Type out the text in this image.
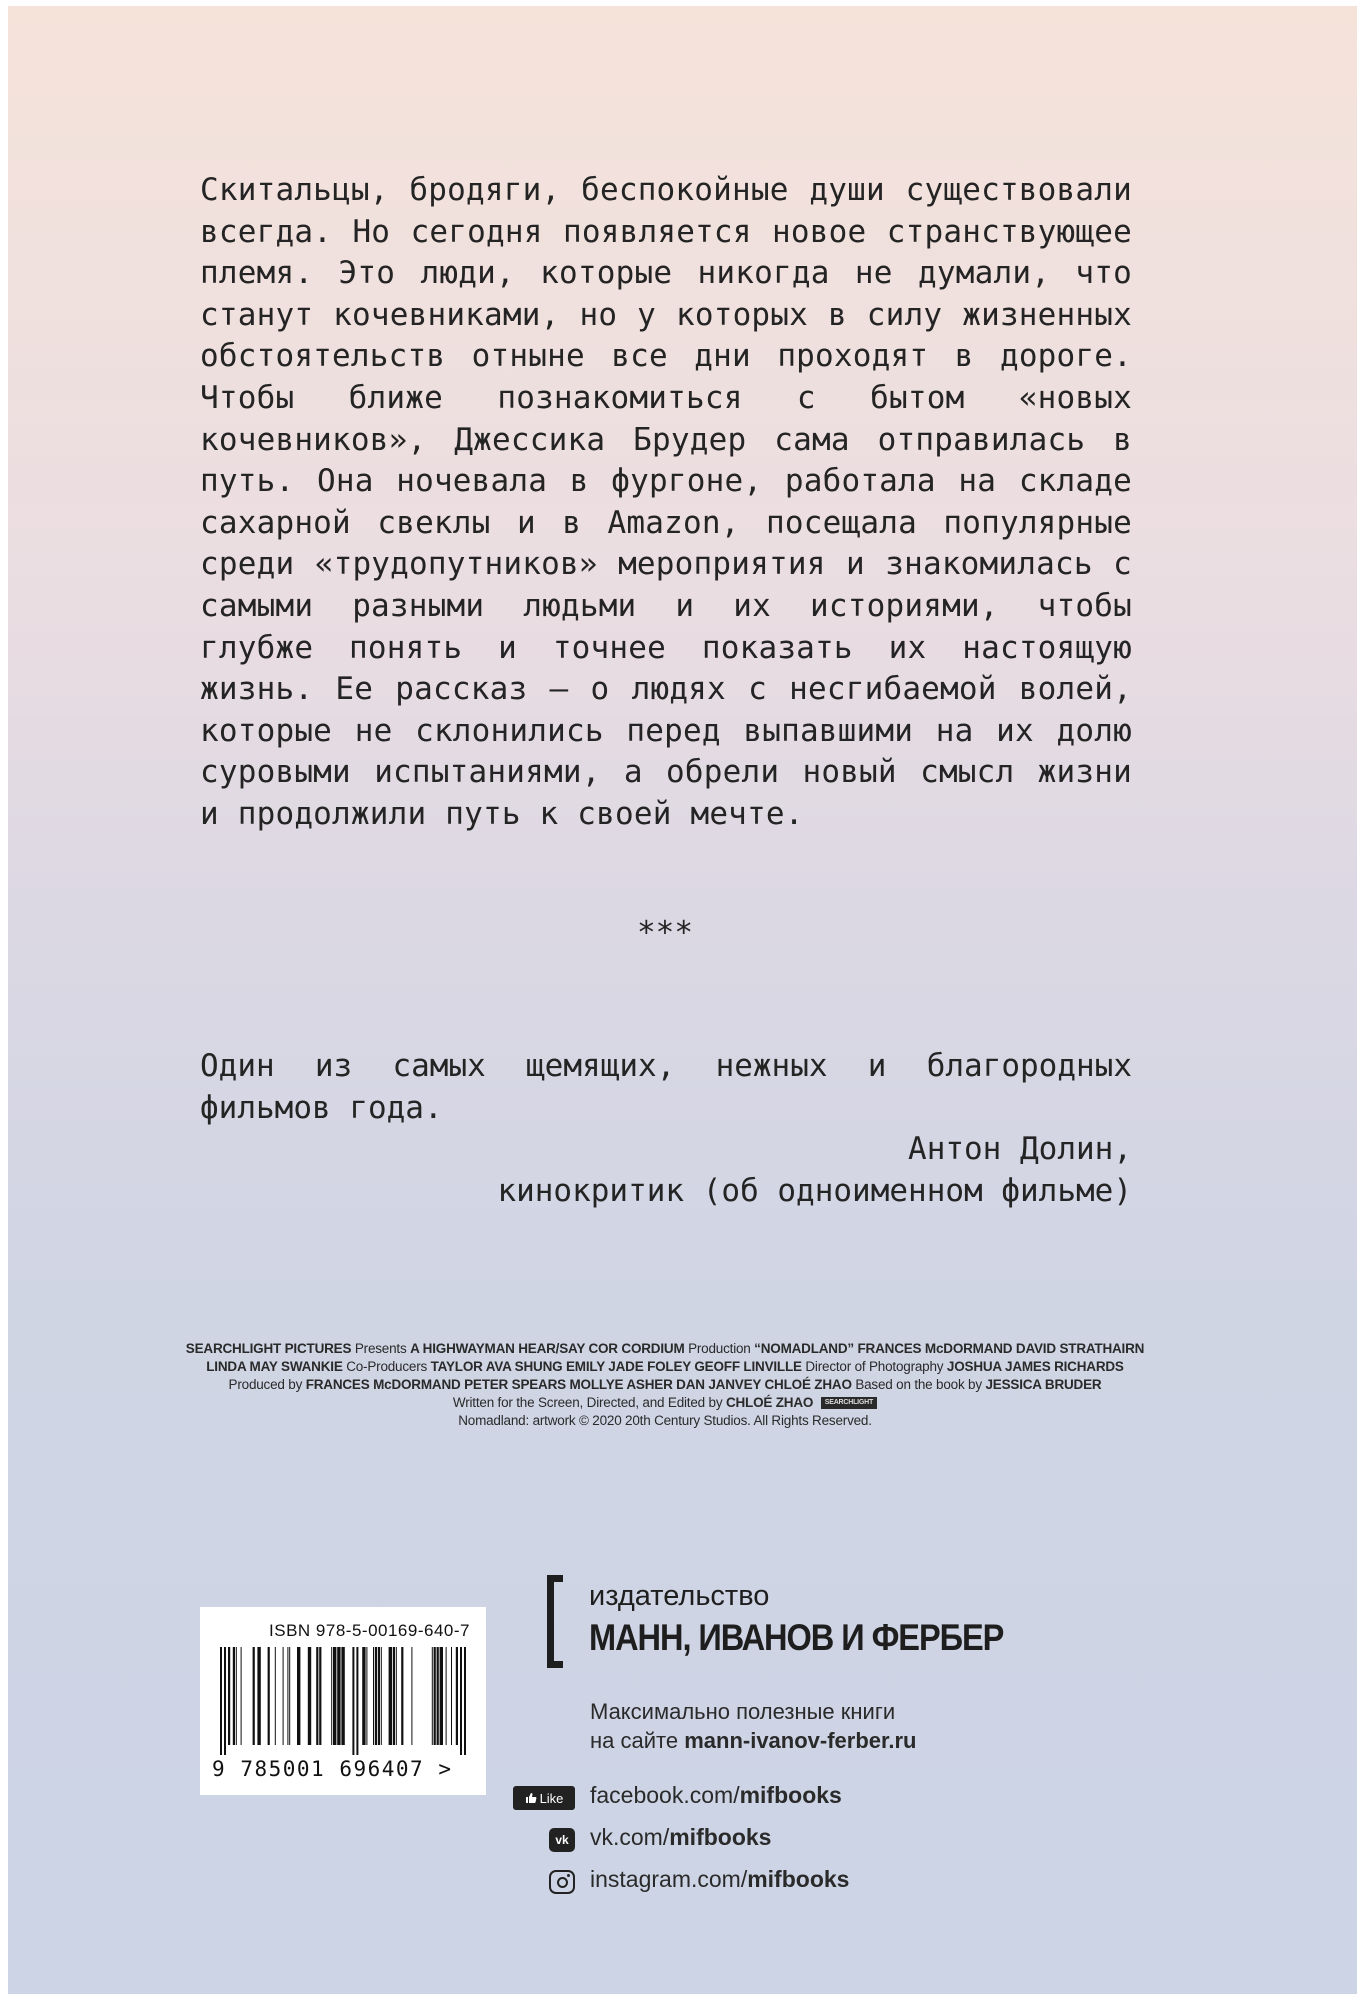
Скитальцы, бродяги, беспокойные души существовали всегда. Но сегодня появляется новое странствующее племя. Это люди, которые никогда не думали, что станут кочевниками, но у которых в силу жизненных обстоятельств отныне все дни проходят в дороге. Чтобы ближе познакомиться с бытом «новых кочевников», Джессика Брудер сама отправилась в путь. Она ночевала в фургоне, работала на складе сахарной свеклы и в Amazon, посещала популярные среди «трудопутников» мероприятия и знакомилась с самыми разными людьми и их историями, чтобы глубже понять и точнее показать их настоящую жизнь. Ее рассказ — о людях с несгибаемой волей, которые не склонились перед выпавшими на их долю суровыми испытаниями, а обрели новый смысл жизни и продолжили путь к своей мечте.

***

Один из самых щемящих, нежных и благородных фильмов года.

Антон Долин,
кинокритик (об одноименном фильме)
SEARCHLIGHT PICTURES Presents A HIGHWAYMAN HEAR/SAY COR CORDIUM Production “NOMADLAND” FRANCES McDORMAND DAVID STRATHAIRN
LINDA MAY SWANKIE Co-Producers TAYLOR AVA SHUNG EMILY JADE FOLEY GEOFF LINVILLE Director of Photography JOSHUA JAMES RICHARDS
Produced by FRANCES McDORMAND PETER SPEARS MOLLYE ASHER DAN JANVEY CHLOÉ ZHAO Based on the book by JESSICA BRUDER
Written for the Screen, Directed, and Edited by CHLOÉ ZHAO SEARCHLIGHT
Nomadland: artwork © 2020 20th Century Studios. All Rights Reserved.
ISBN 978-5-00169-640-7
9 785001 696407 >
издательство
МАНН, ИВАНОВ И ФЕРБЕР
Максимально полезные книги
на сайте mann-ivanov-ferber.ru
Like facebook.com/mifbooks
vk vk.com/mifbooks
instagram.com/mifbooks
